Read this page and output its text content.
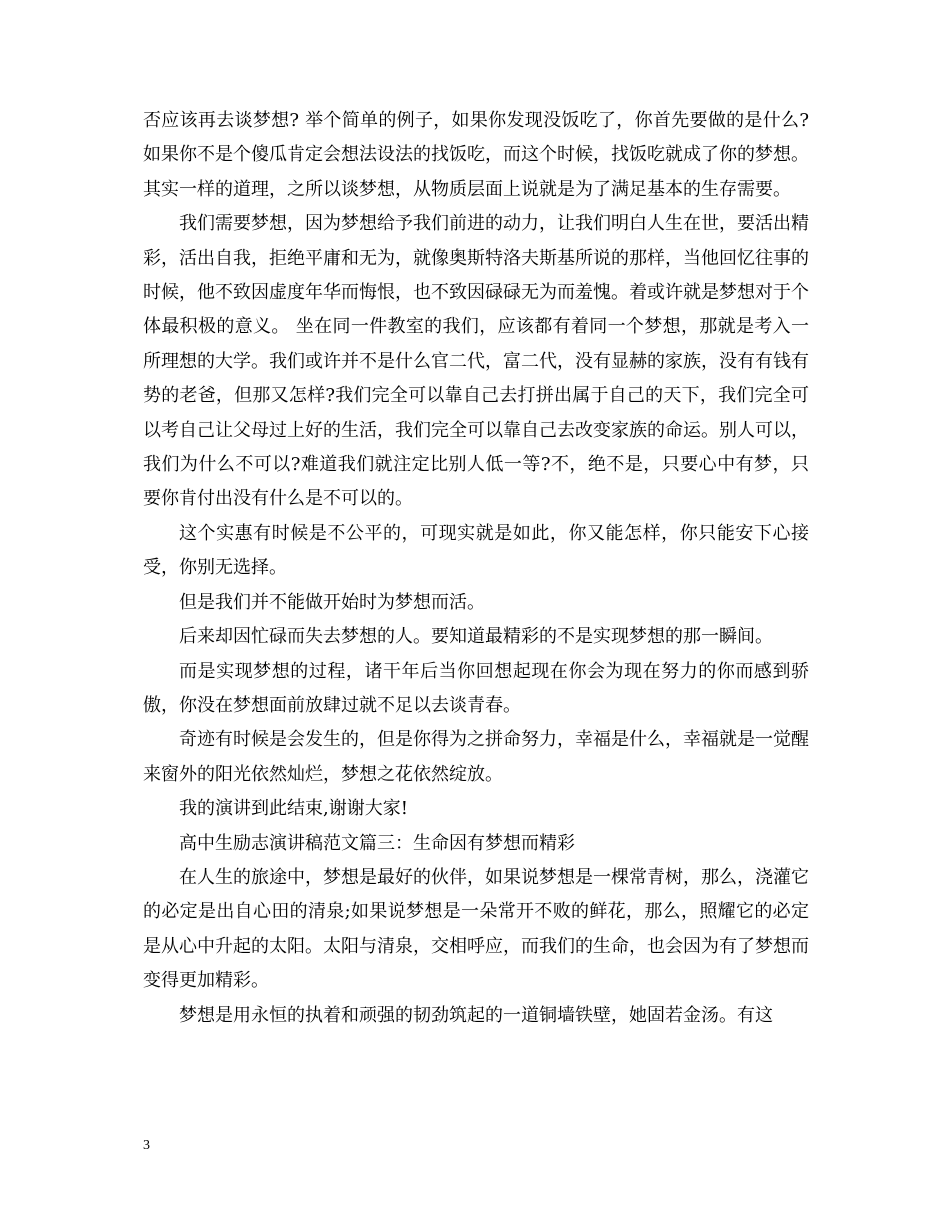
否应该再去谈梦想? 举个简单的例子，如果你发现没饭吃了，你首先要做的是什么?如果你不是个傻瓜肯定会想法设法的找饭吃，而这个时候，找饭吃就成了你的梦想。其实一样的道理，之所以谈梦想，从物质层面上说就是为了满足基本的生存需要。

我们需要梦想，因为梦想给予我们前进的动力，让我们明白人生在世，要活出精彩，活出自我，拒绝平庸和无为，就像奥斯特洛夫斯基所说的那样，当他回忆往事的时候，他不致因虚度年华而悔恨，也不致因碌碌无为而羞愧。着或许就是梦想对于个体最积极的意义。 坐在同一件教室的我们，应该都有着同一个梦想，那就是考入一所理想的大学。我们或许并不是什么官二代，富二代，没有显赫的家族，没有有钱有势的老爸，但那又怎样?我们完全可以靠自己去打拼出属于自己的天下，我们完全可以考自己让父母过上好的生活，我们完全可以靠自己去改变家族的命运。别人可以，我们为什么不可以?难道我们就注定比别人低一等?不，绝不是，只要心中有梦，只要你肯付出没有什么是不可以的。

这个实惠有时候是不公平的，可现实就是如此，你又能怎样，你只能安下心接受，你别无选择。

但是我们并不能做开始时为梦想而活。

后来却因忙碌而失去梦想的人。要知道最精彩的不是实现梦想的那一瞬间。

而是实现梦想的过程，诸干年后当你回想起现在你会为现在努力的你而感到骄傲，你没在梦想面前放肆过就不足以去谈青春。

奇迹有时候是会发生的，但是你得为之拼命努力，幸福是什么，幸福就是一觉醒来窗外的阳光依然灿烂，梦想之花依然绽放。

我的演讲到此结束,谢谢大家!

高中生励志演讲稿范文篇三：生命因有梦想而精彩

在人生的旅途中，梦想是最好的伙伴，如果说梦想是一棵常青树，那么，浇灌它的必定是出自心田的清泉;如果说梦想是一朵常开不败的鲜花，那么，照耀它的必定是从心中升起的太阳。太阳与清泉，交相呼应，而我们的生命，也会因为有了梦想而变得更加精彩。

梦想是用永恒的执着和顽强的韧劲筑起的一道铜墙铁壁，她固若金汤。有这

3
